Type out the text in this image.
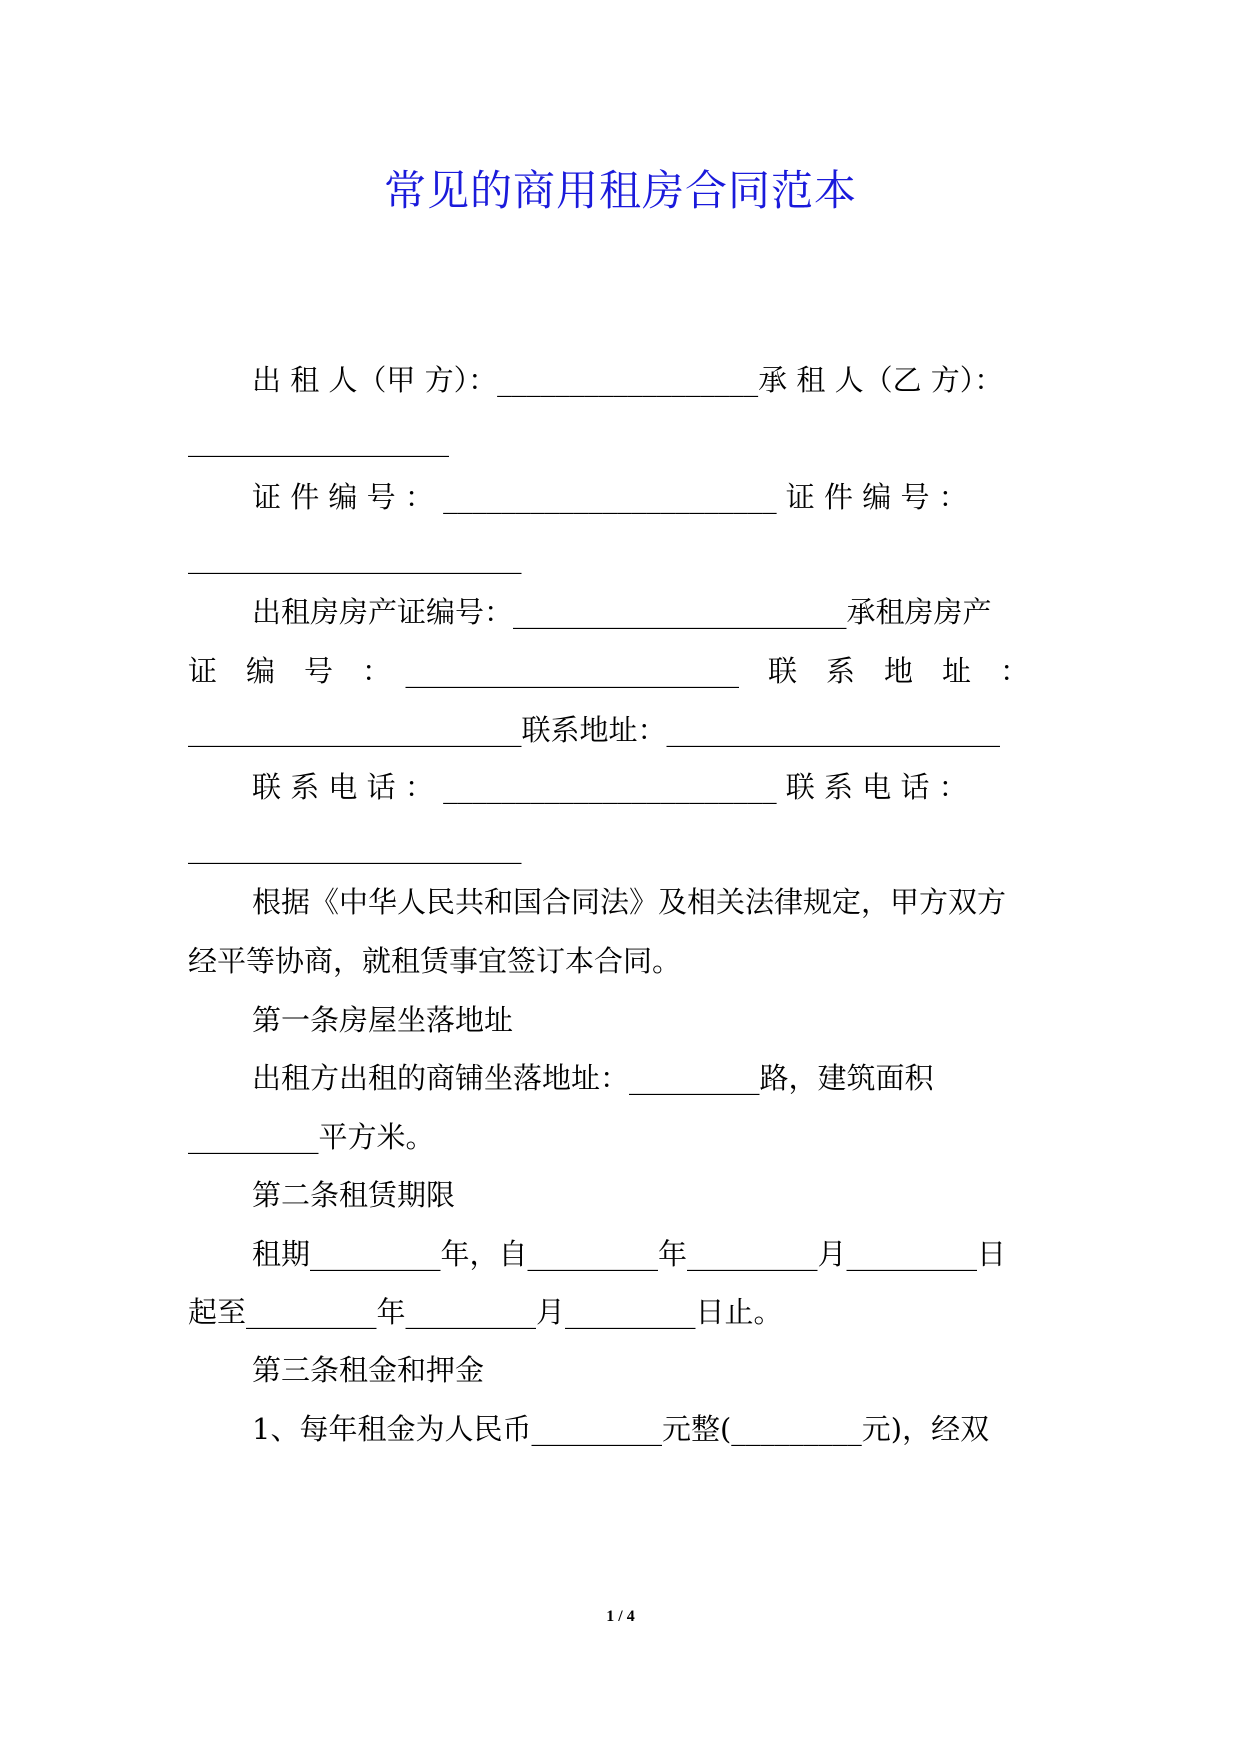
常见的商用租房合同范本
出 租 人（甲 方）：__________________承 租 人（乙 方）：
__________________
证 件 编 号 ： _______________________ 证 件 编 号 ：
_______________________
出租房房产证编号：_______________________承租房房产
证　编　号　：　_______________________　联　系　地　址　：
_______________________联系地址：_______________________
联 系 电 话 ： _______________________ 联 系 电 话 ：
_______________________
根据《中华人民共和国合同法》及相关法律规定，甲方双方
经平等协商，就租赁事宜签订本合同。
第一条房屋坐落地址
出租方出租的商铺坐落地址：_________路，建筑面积
_________平方米。
第二条租赁期限
租期_________年，自_________年_________月_________日
起至_________年_________月_________日止。
第三条租金和押金
1、每年租金为人民币_________元整(_________元)，经双
1 / 4
